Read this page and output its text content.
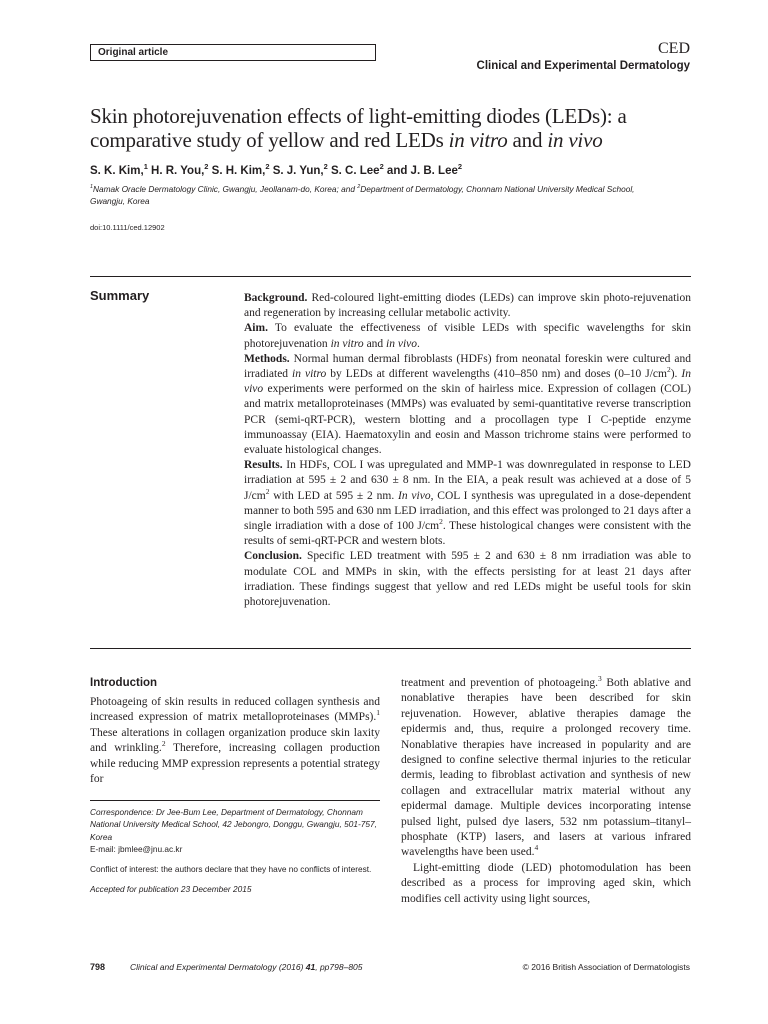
Original article	CED
Clinical and Experimental Dermatology
Skin photorejuvenation effects of light-emitting diodes (LEDs): a
comparative study of yellow and red LEDs in vitro and in vivo
S. K. Kim,$^1$ H. R. You,$^2$ S. H. Kim,$^2$ S. J. Yun,$^2$ S. C. Lee$^2$ and J. B. Lee$^2$
$^1$Namak Oracle Dermatology Clinic, Gwangju, Jeollanam-do, Korea; and $^2$Department of Dermatology, Chonnam National University Medical School,
Gwangju, Korea
doi:10.1111/ced.12902
Summary	Background. Red-coloured light-emitting diodes (LEDs) can improve skin photo-rejuvenation and regeneration by increasing cellular metabolic activity.

Aim. To evaluate the effectiveness of visible LEDs with specific wavelengths for skin photorejuvenation in vitro and in vivo.

Methods. Normal human dermal fibroblasts (HDFs) from neonatal foreskin were cultured and irradiated in vitro by LEDs at different wavelengths (410–850 nm) and doses (0–10 $J/cm^2$). In vivo experiments were performed on the skin of hairless mice. Expression of collagen (COL) and matrix metalloproteinases (MMPs) was evaluated by semi-quantitative reverse transcription PCR (semi-qRT-PCR), western blotting and a procollagen type I C-peptide enzyme immunoassay (EIA). Haematoxylin and eosin and Masson trichrome stains were performed to evaluate histological changes.

Results. In HDFs, COL I was upregulated and MMP-1 was downregulated in response to LED irradiation at 595 ± 2 and 630 ± 8 nm. In the EIA, a peak result was achieved at a dose of 5 $J/cm^2$ with LED at 595 ± 2 nm. In vivo, COL I synthesis was upregulated in a dose-dependent manner to both 595 and 630 nm LED irradiation, and this effect was prolonged to 21 days after a single irradiation with a dose of 100 $J/cm^2$. These histological changes were consistent with the results of semi-qRT-PCR and western blots.

Conclusion. Specific LED treatment with 595 ± 2 and 630 ± 8 nm irradiation was able to modulate COL and MMPs in skin, with the effects persisting for at least 21 days after irradiation. These findings suggest that yellow and red LEDs might be useful tools for skin photorejuvenation.

Introduction

Photoageing of skin results in reduced collagen synthesis and increased expression of matrix metalloproteinases (MMPs).$^1$ These alterations in collagen organization produce skin laxity and wrinkling.$^2$ Therefore, increasing collagen production while reducing MMP expression represents a potential strategy for

Correspondence: Dr Jee-Bum Lee, Department of Dermatology, Chonnam National University Medical School, 42 Jebongro, Donggu, Gwangju, 501-757, Korea
E-mail: jbmlee@jnu.ac.kr

Conflict of interest: the authors declare that they have no conflicts of interest.

Accepted for publication 23 December 2015

treatment and prevention of photoageing.$^3$ Both ablative and nonablative therapies have been described for skin rejuvenation. However, ablative therapies damage the epidermis and, thus, require a prolonged recovery time. Nonablative therapies have increased in popularity and are designed to confine selective thermal injuries to the reticular dermis, leading to fibroblast activation and synthesis of new collagen and extracellular matrix material without any epidermal damage. Multiple devices incorporating intense pulsed light, pulsed dye lasers, 532 nm potassium–titanyl–phosphate (KTP) lasers, and lasers at various infrared wavelengths have been used.$^4$

Light-emitting diode (LED) photomodulation has been described as a process for improving aged skin, which modifies cell activity using light sources,

798	Clinical and Experimental Dermatology (2016) 41, pp798–805	© 2016 British Association of Dermatologists
